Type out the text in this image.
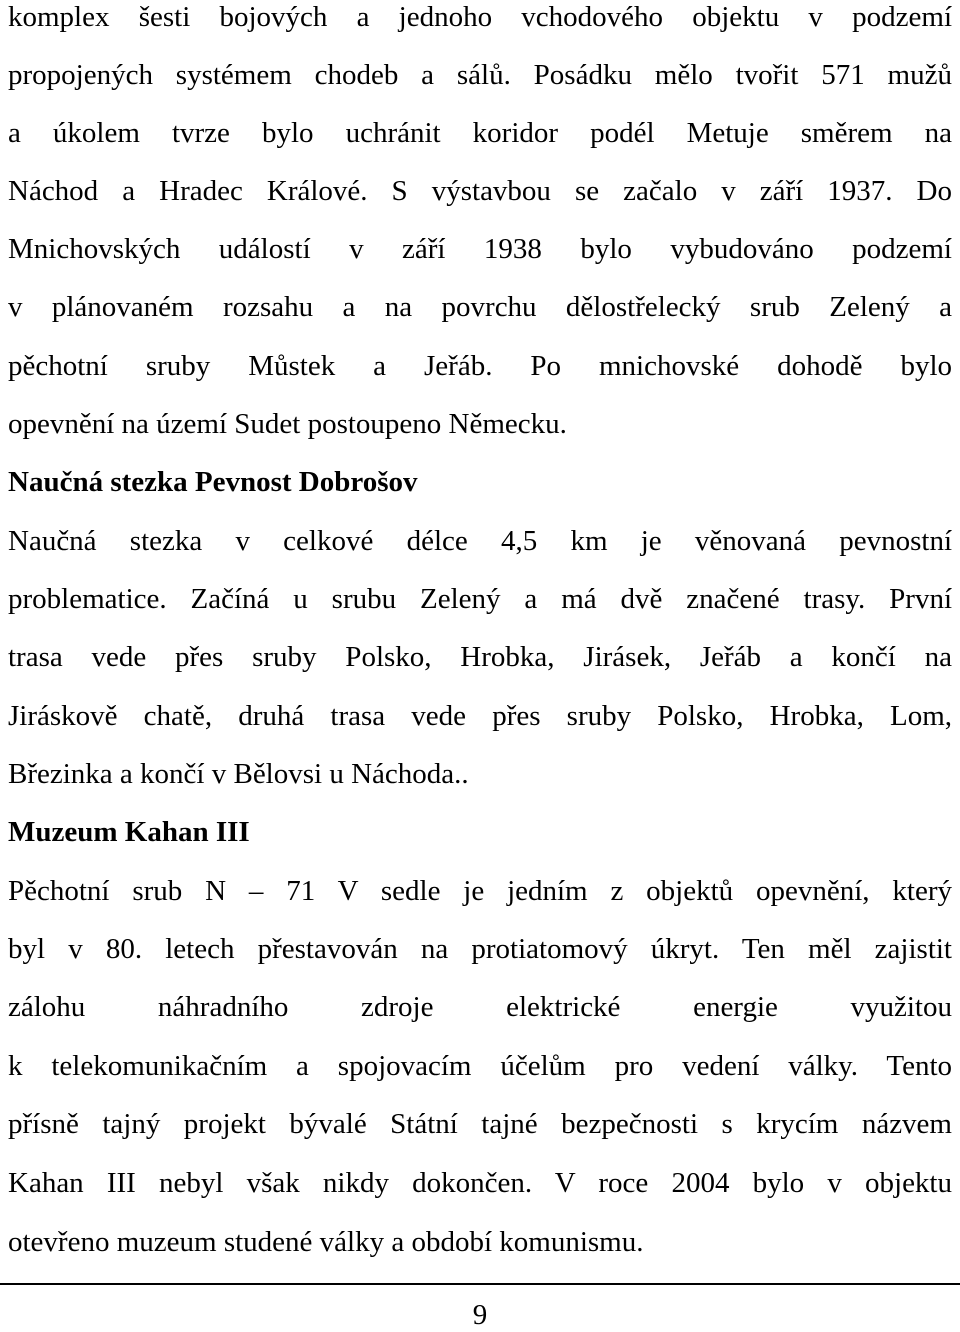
komplex šesti bojových a jednoho vchodového objektu v podzemí
propojených systémem chodeb a sálů. Posádku mělo tvořit 571 mužů
a úkolem tvrze bylo uchránit koridor podél Metuje směrem na
Náchod a Hradec Králové. S výstavbou se začalo v září 1937. Do
Mnichovských událostí v září 1938 bylo vybudováno podzemí
v plánovaném rozsahu a na povrchu dělostřelecký srub Zelený a
pěchotní sruby Můstek a Jeřáb. Po mnichovské dohodě bylo
opevnění na území Sudet postoupeno Německu.
Naučná stezka Pevnost Dobrošov
Naučná stezka v celkové délce 4,5 km je věnovaná pevnostní
problematice. Začíná u srubu Zelený a má dvě značené trasy. První
trasa vede přes sruby Polsko, Hrobka, Jirásek, Jeřáb a končí na
Jiráskově chatě, druhá trasa vede přes sruby Polsko, Hrobka, Lom,
Březinka a končí v Bělovsi u Náchoda..
Muzeum Kahan III
Pěchotní srub N – 71 V sedle je jedním z objektů opevnění, který
byl v 80. letech přestavován na protiatomový úkryt. Ten měl zajistit
zálohu náhradního zdroje elektrické energie využitou
k telekomunikačním a spojovacím účelům pro vedení války. Tento
přísně tajný projekt bývalé Státní tajné bezpečnosti s krycím názvem
Kahan III nebyl však nikdy dokončen. V roce 2004 bylo v objektu
otevřeno muzeum studené války a období komunismu.
9
